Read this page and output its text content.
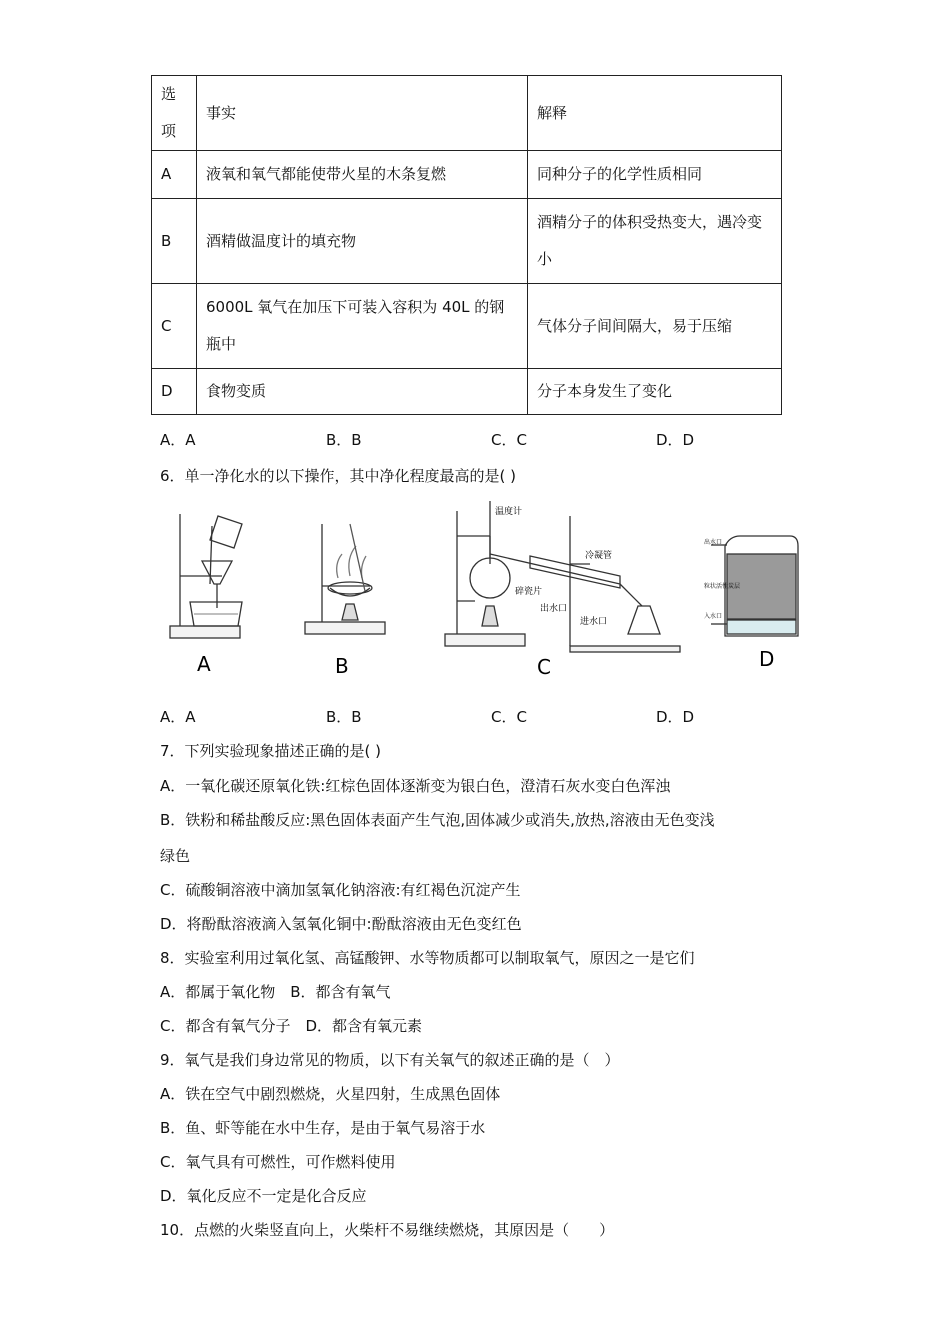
选项	事实	解释
A	液氧和氧气都能使带火星的木条复燃	同种分子的化学性质相同
B	酒精做温度计的填充物	酒精分子的体积受热变大，遇冷变小
C	6000L 氧气在加压下可装入容积为 40L 的钢瓶中	气体分子间间隔大，易于压缩
D	食物变质	分子本身发生了变化
A．A	B．B	C．C	D．D
6．单一净化水的以下操作，其中净化程度最高的是( )
A	B
温度计
冷凝管
碎瓷片
出水口
进水口
C
出水口
粒状活性炭层
入水口
D
A．A	B．B	C．C	D．D
7．下列实验现象描述正确的是( )
A．一氧化碳还原氧化铁:红棕色固体逐渐变为银白色，澄清石灰水变白色浑浊
B．铁粉和稀盐酸反应:黑色固体表面产生气泡,固体减少或消失,放热,溶液由无色变浅
绿色
C．硫酸铜溶液中滴加氢氧化钠溶液:有红褐色沉淀产生
D．将酚酞溶液滴入氢氧化铜中:酚酞溶液由无色变红色
8．实验室利用过氧化氢、高锰酸钾、水等物质都可以制取氧气，原因之一是它们
A．都属于氧化物　B．都含有氧气
C．都含有氧气分子　D．都含有氧元素
9．氧气是我们身边常见的物质，以下有关氧气的叙述正确的是（　）
A．铁在空气中剧烈燃烧，火星四射，生成黑色固体
B．鱼、虾等能在水中生存，是由于氧气易溶于水
C．氧气具有可燃性，可作燃料使用
D．氧化反应不一定是化合反应
10．点燃的火柴竖直向上，火柴杆不易继续燃烧，其原因是（　　）
